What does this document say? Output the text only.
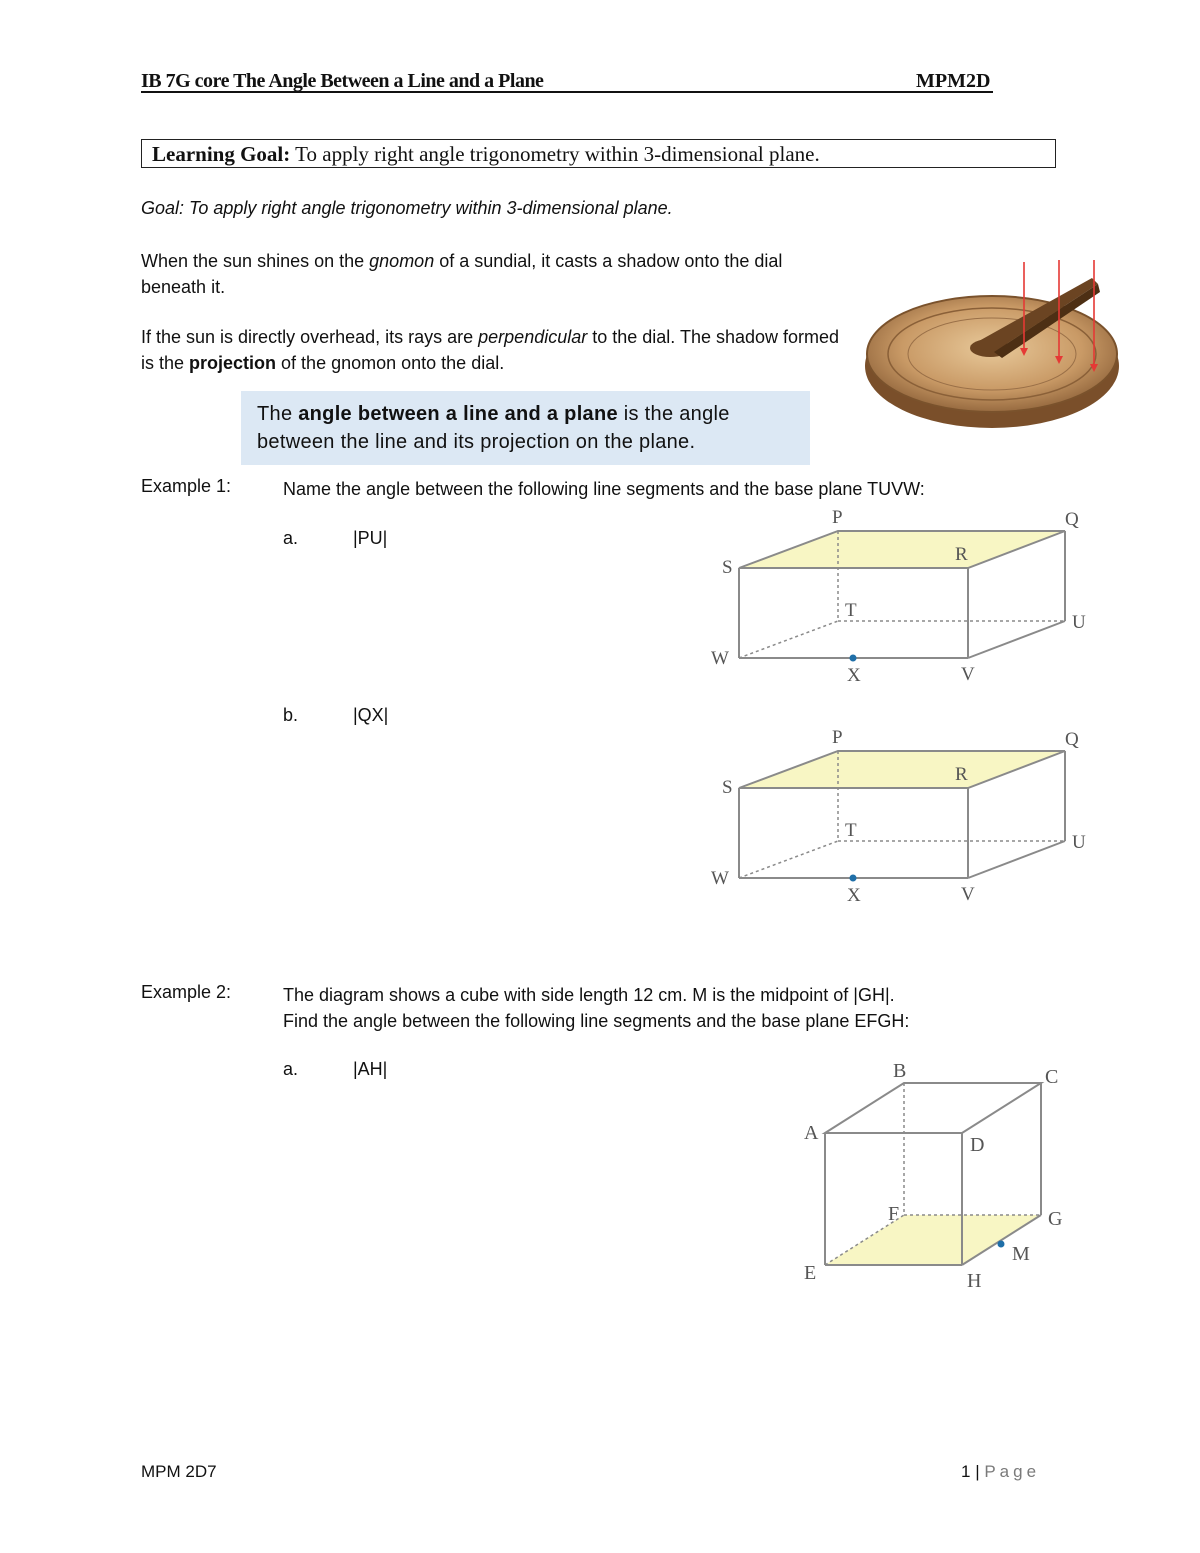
IB 7G core The Angle Between a Line and a Plane	MPM2D
Learning Goal: To apply right angle trigonometry within 3-dimensional plane.
Goal: To apply right angle trigonometry within 3-dimensional plane.
When the sun shines on the gnomon of a sundial, it casts a shadow onto the dial beneath it.
If the sun is directly overhead, its rays are perpendicular to the dial. The shadow formed is the projection of the gnomon onto the dial.
The angle between a line and a plane is the angle between the line and its projection on the plane.
Example 1:	Name the angle between the following line segments and the base plane TUVW:
a.	|PU|
P	Q
R
S
T
U
V
W
X
b.	|QX|
P	Q
R
S
T
U
V
W
X
Example 2:	The diagram shows a cube with side length 12 cm. M is the midpoint of |GH|.
Find the angle between the following line segments and the base plane EFGH:
a.	|AH|	B	C
A
D
F	G
M
E	H
MPM 2D7	1 | Page
